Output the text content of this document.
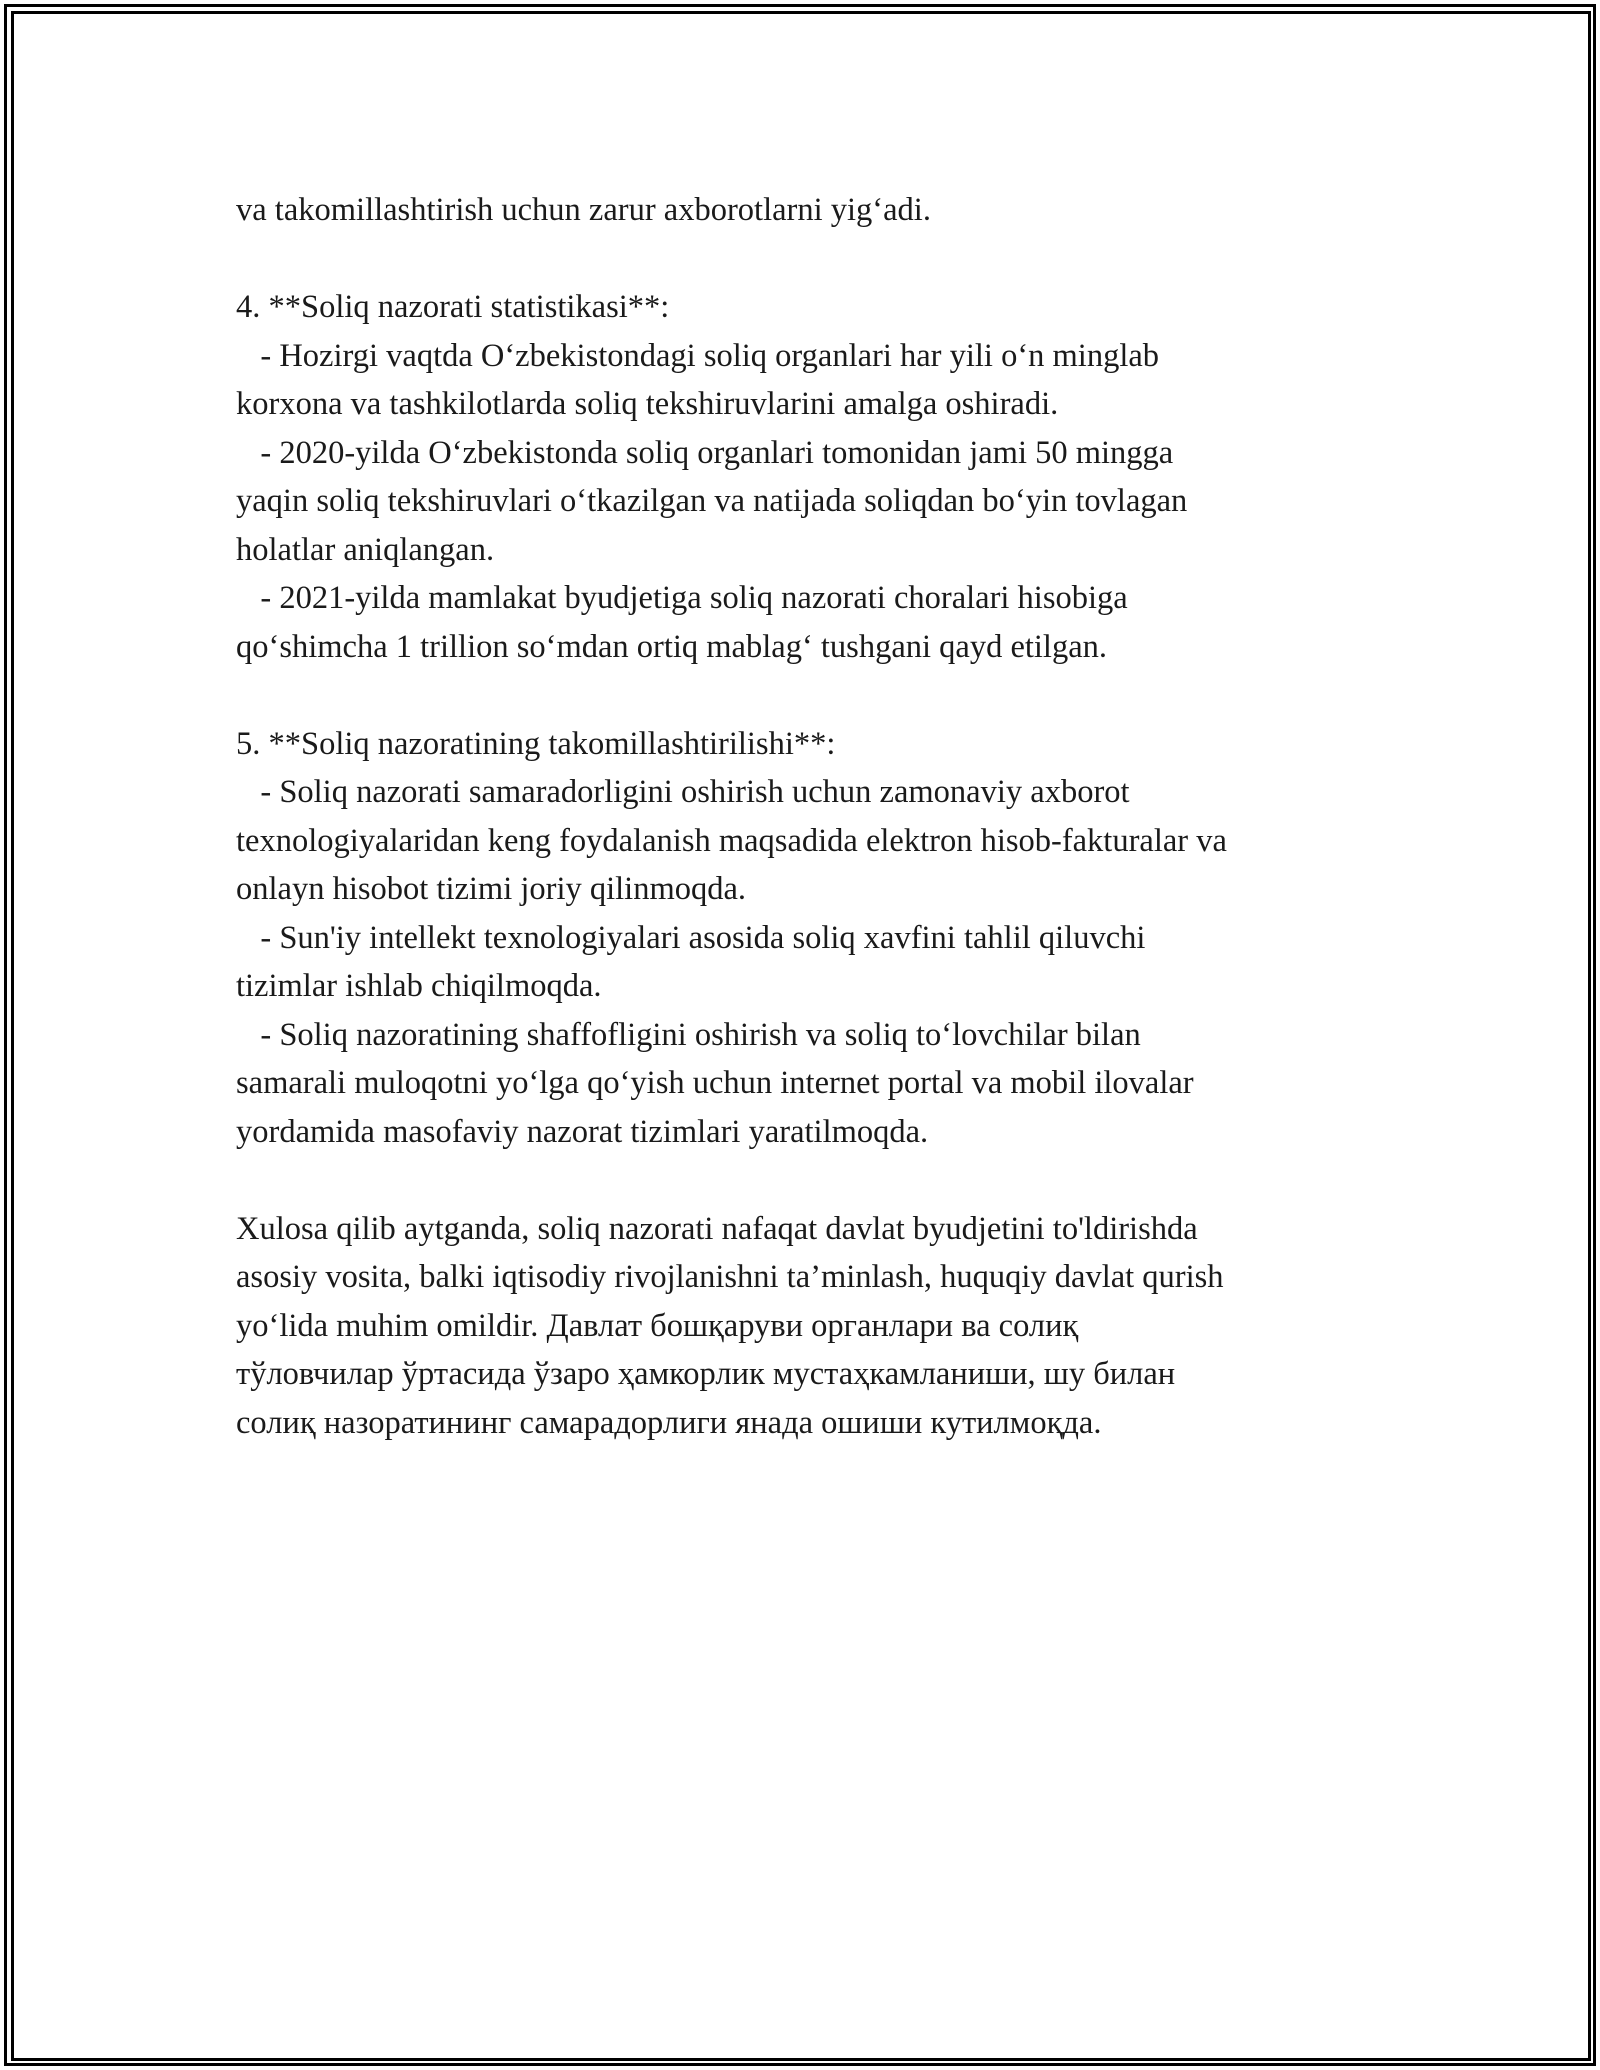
va takomillashtirish uchun zarur axborotlarni yig‘adi.
4. **Soliq nazorati statistikasi**:
- Hozirgi vaqtda O‘zbekistondagi soliq organlari har yili o‘n minglab
korxona va tashkilotlarda soliq tekshiruvlarini amalga oshiradi.
- 2020-yilda O‘zbekistonda soliq organlari tomonidan jami 50 mingga
yaqin soliq tekshiruvlari o‘tkazilgan va natijada soliqdan bo‘yin tovlagan
holatlar aniqlangan.
- 2021-yilda mamlakat byudjetiga soliq nazorati choralari hisobiga
qo‘shimcha 1 trillion so‘mdan ortiq mablag‘ tushgani qayd etilgan.
5. **Soliq nazoratining takomillashtirilishi**:
- Soliq nazorati samaradorligini oshirish uchun zamonaviy axborot
texnologiyalaridan keng foydalanish maqsadida elektron hisob-fakturalar va
onlayn hisobot tizimi joriy qilinmoqda.
- Sun'iy intellekt texnologiyalari asosida soliq xavfini tahlil qiluvchi
tizimlar ishlab chiqilmoqda.
- Soliq nazoratining shaffofligini oshirish va soliq to‘lovchilar bilan
samarali muloqotni yo‘lga qo‘yish uchun internet portal va mobil ilovalar
yordamida masofaviy nazorat tizimlari yaratilmoqda.
Xulosa qilib aytganda, soliq nazorati nafaqat davlat byudjetini to'ldirishda
asosiy vosita, balki iqtisodiy rivojlanishni ta’minlash, huquqiy davlat qurish
yo‘lida muhim omildir. Давлат бошқаруви органлари ва солиқ
тўловчилар ўртасида ўзаро ҳамкорлик мустаҳкамланиши, шу билан
солиқ назоратининг самарадорлиги янада ошиши кутилмоқда.
